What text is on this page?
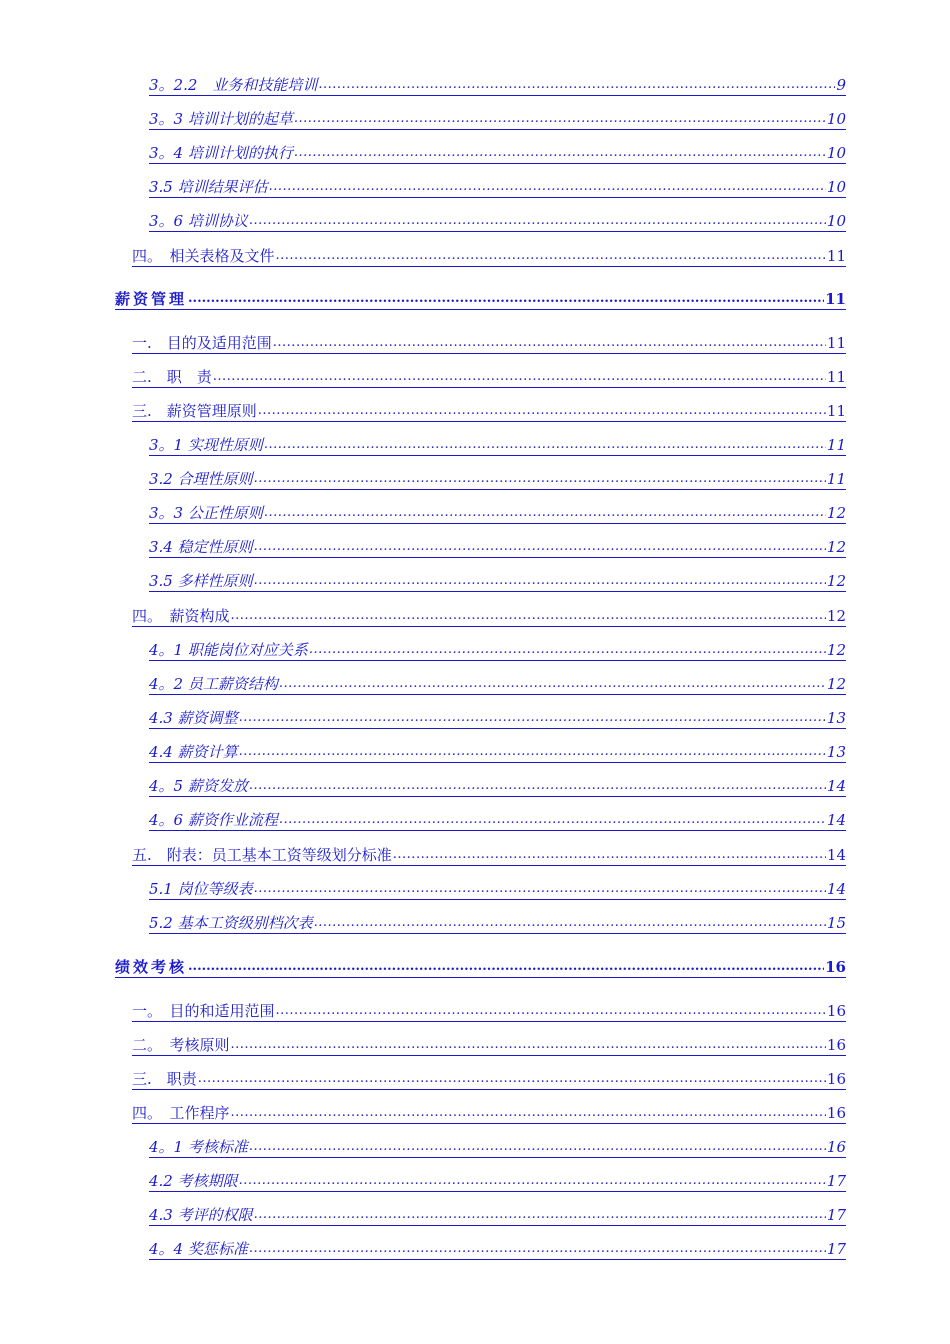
3。2.2　业务和技能培训 .....	9
3。3 培训计划的起草 .....	10
3。4 培训计划的执行 .....	10
3.5 培训结果评估 .....	10
3。6 培训协议 .....	10
四。　相关表格及文件 .....	11
薪资管理 .....	11
一.　目的及适用范围 .....	11
二.　职　责 .....	11
三.　薪资管理原则 .....	11
3。1 实现性原则 .....	11
3.2 合理性原则 .....	11
3。3 公正性原则 .....	12
3.4 稳定性原则 .....	12
3.5 多样性原则 .....	12
四。　薪资构成 .....	12
4。1 职能岗位对应关系 .....	12
4。2 员工薪资结构 .....	12
4.3 薪资调整 .....	13
4.4 薪资计算 .....	13
4。5 薪资发放 .....	14
4。6 薪资作业流程 .....	14
五.　附表：员工基本工资等级划分标准 .....	14
5.1 岗位等级表 .....	14
5.2 基本工资级别档次表 .....	15
绩效考核 .....	16
一。　目的和适用范围 .....	16
二。　考核原则 .....	16
三.　职责 .....	16
四。　工作程序 .....	16
4。1 考核标准 .....	16
4.2 考核期限 .....	17
4.3 考评的权限 .....	17
4。4 奖惩标准 .....	17
